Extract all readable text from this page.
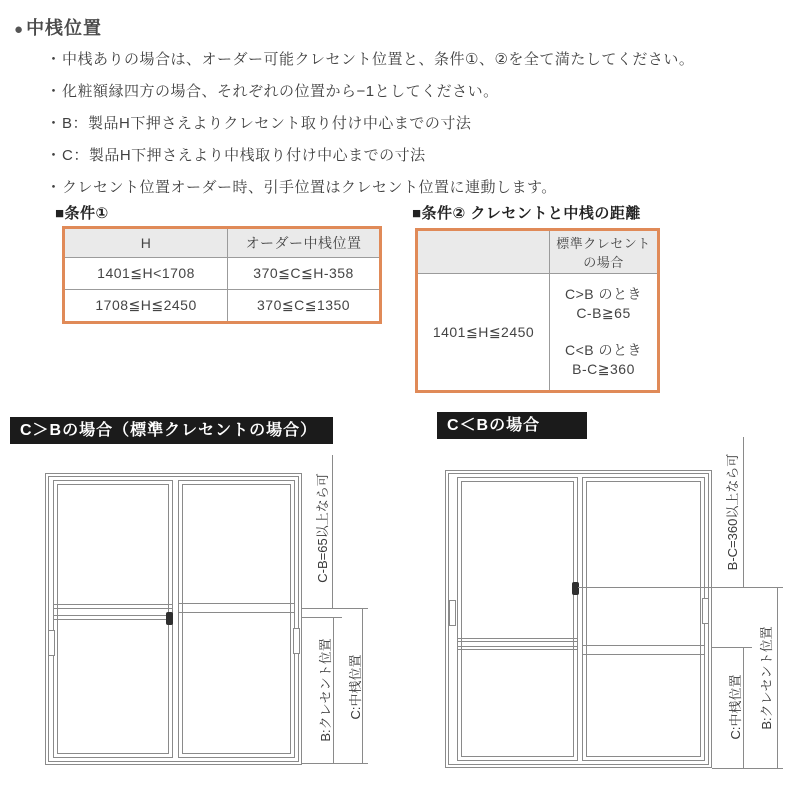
● 中桟位置
・ 中桟ありの場合は、オーダー可能クレセント位置と、条件①、②を全て満たしてください。
・ 化粧額縁四方の場合、それぞれの位置から−1としてください。
・ B：製品H下押さえよりクレセント取り付け中心までの寸法
・ C：製品H下押さえより中桟取り付け中心までの寸法
・ クレセント位置オーダー時、引手位置はクレセント位置に連動します。
■条件①
H	オーダー中桟位置
1401≦H<1708	370≦C≦H-358
1708≦H≦2450	370≦C≦1350
■条件② クレセントと中桟の距離

	標準クレセント
の場合

1401≦H≦2450	C>B のとき
C-B≧65
C<B のとき
B-C≧360
C＞Bの場合（標準クレセントの場合）	C＜Bの場合
C-B=65以上なら可
B:クレセント位置 C:中桟位置
B-C=360以上なら可
C:中桟位置 B:クレセント位置
